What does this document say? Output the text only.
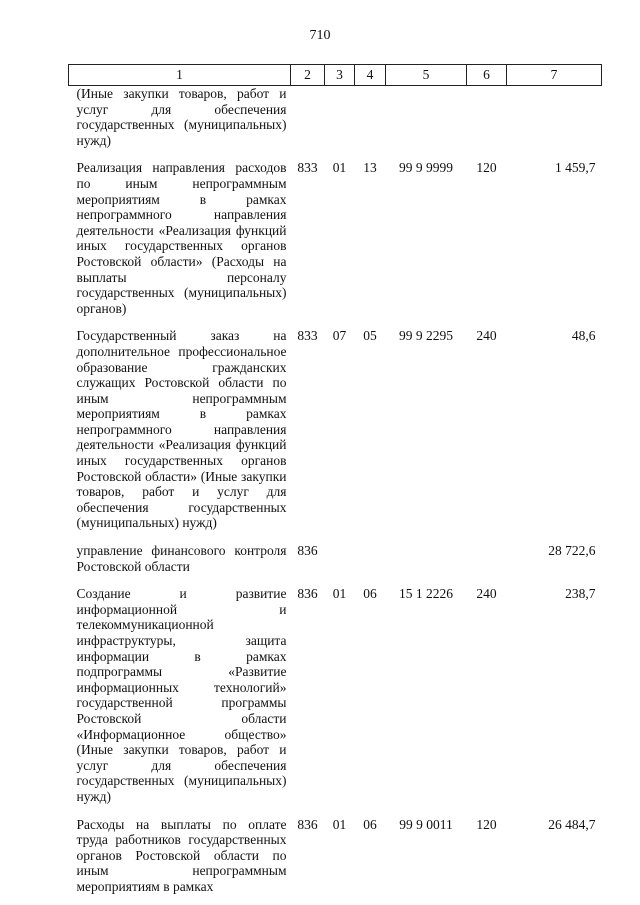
710
1	2	3	4	5	6	7
(Иные закупки товаров, работ и услуг для обеспечения государственных (муниципальных) нужд)						
Реализация направления расходов по иным непрограммным мероприятиям в рамках непрограммного направления деятельности «Реализация функций иных государственных органов Ростовской области» (Расходы на выплаты персоналу государственных (муниципальных) органов)	833	01	13	99 9 9999	120	1 459,7
Государственный заказ на дополнительное профессиональное образование гражданских служащих Ростовской области по иным непрограммным мероприятиям в рамках непрограммного направления деятельности «Реализация функций иных государственных органов Ростовской области» (Иные закупки товаров, работ и услуг для обеспечения государственных (муниципальных) нужд)	833	07	05	99 9 2295	240	48,6
управление финансового контроля Ростовской области	836					28 722,6
Создание и развитие информационной и телекоммуникационной инфраструктуры, защита информации в рамках подпрограммы «Развитие информационных технологий» государственной программы Ростовской области «Информационное общество» (Иные закупки товаров, работ и услуг для обеспечения государственных (муниципальных) нужд)	836	01	06	15 1 2226	240	238,7
Расходы на выплаты по оплате труда работников государственных органов Ростовской области по иным непрограммным мероприятиям в рамках	836	01	06	99 9 0011	120	26 484,7
